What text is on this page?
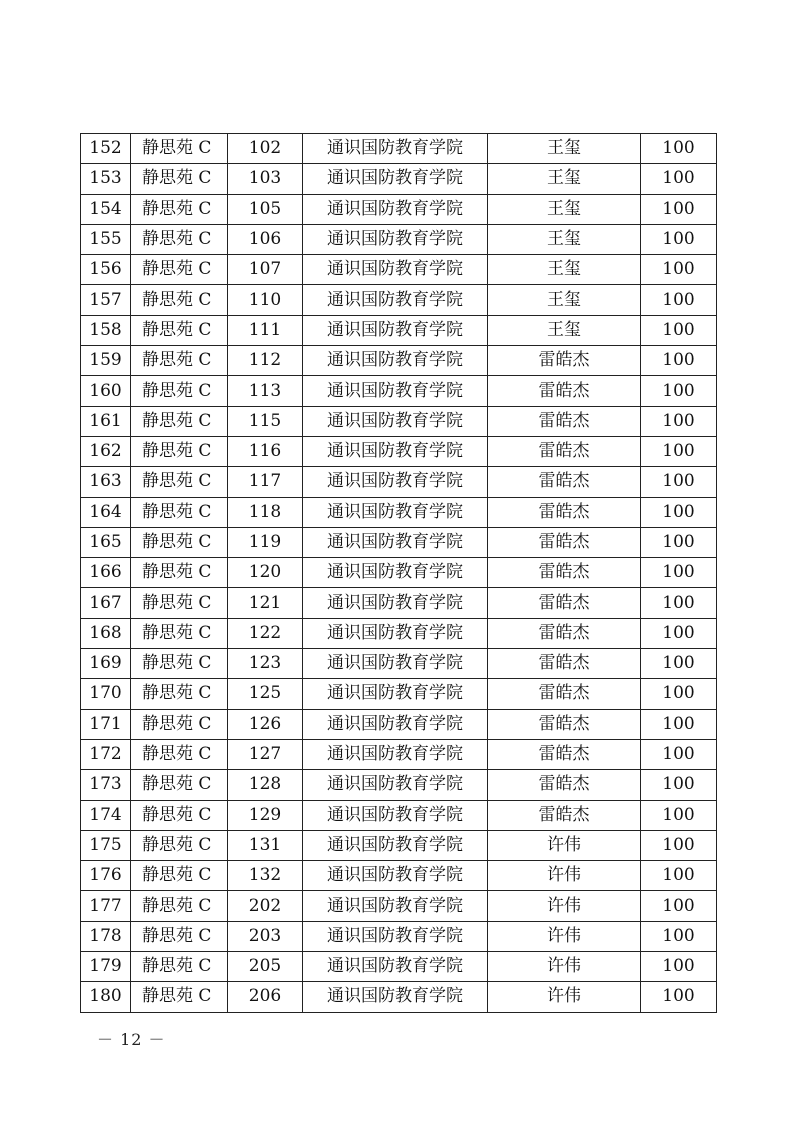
152	静思苑 C	102	通识国防教育学院	王玺	100
153	静思苑 C	103	通识国防教育学院	王玺	100
154	静思苑 C	105	通识国防教育学院	王玺	100
155	静思苑 C	106	通识国防教育学院	王玺	100
156	静思苑 C	107	通识国防教育学院	王玺	100
157	静思苑 C	110	通识国防教育学院	王玺	100
158	静思苑 C	111	通识国防教育学院	王玺	100
159	静思苑 C	112	通识国防教育学院	雷皓杰	100
160	静思苑 C	113	通识国防教育学院	雷皓杰	100
161	静思苑 C	115	通识国防教育学院	雷皓杰	100
162	静思苑 C	116	通识国防教育学院	雷皓杰	100
163	静思苑 C	117	通识国防教育学院	雷皓杰	100
164	静思苑 C	118	通识国防教育学院	雷皓杰	100
165	静思苑 C	119	通识国防教育学院	雷皓杰	100
166	静思苑 C	120	通识国防教育学院	雷皓杰	100
167	静思苑 C	121	通识国防教育学院	雷皓杰	100
168	静思苑 C	122	通识国防教育学院	雷皓杰	100
169	静思苑 C	123	通识国防教育学院	雷皓杰	100
170	静思苑 C	125	通识国防教育学院	雷皓杰	100
171	静思苑 C	126	通识国防教育学院	雷皓杰	100
172	静思苑 C	127	通识国防教育学院	雷皓杰	100
173	静思苑 C	128	通识国防教育学院	雷皓杰	100
174	静思苑 C	129	通识国防教育学院	雷皓杰	100
175	静思苑 C	131	通识国防教育学院	许伟	100
176	静思苑 C	132	通识国防教育学院	许伟	100
177	静思苑 C	202	通识国防教育学院	许伟	100
178	静思苑 C	203	通识国防教育学院	许伟	100
179	静思苑 C	205	通识国防教育学院	许伟	100
180	静思苑 C	206	通识国防教育学院	许伟	100
－ 12 －
